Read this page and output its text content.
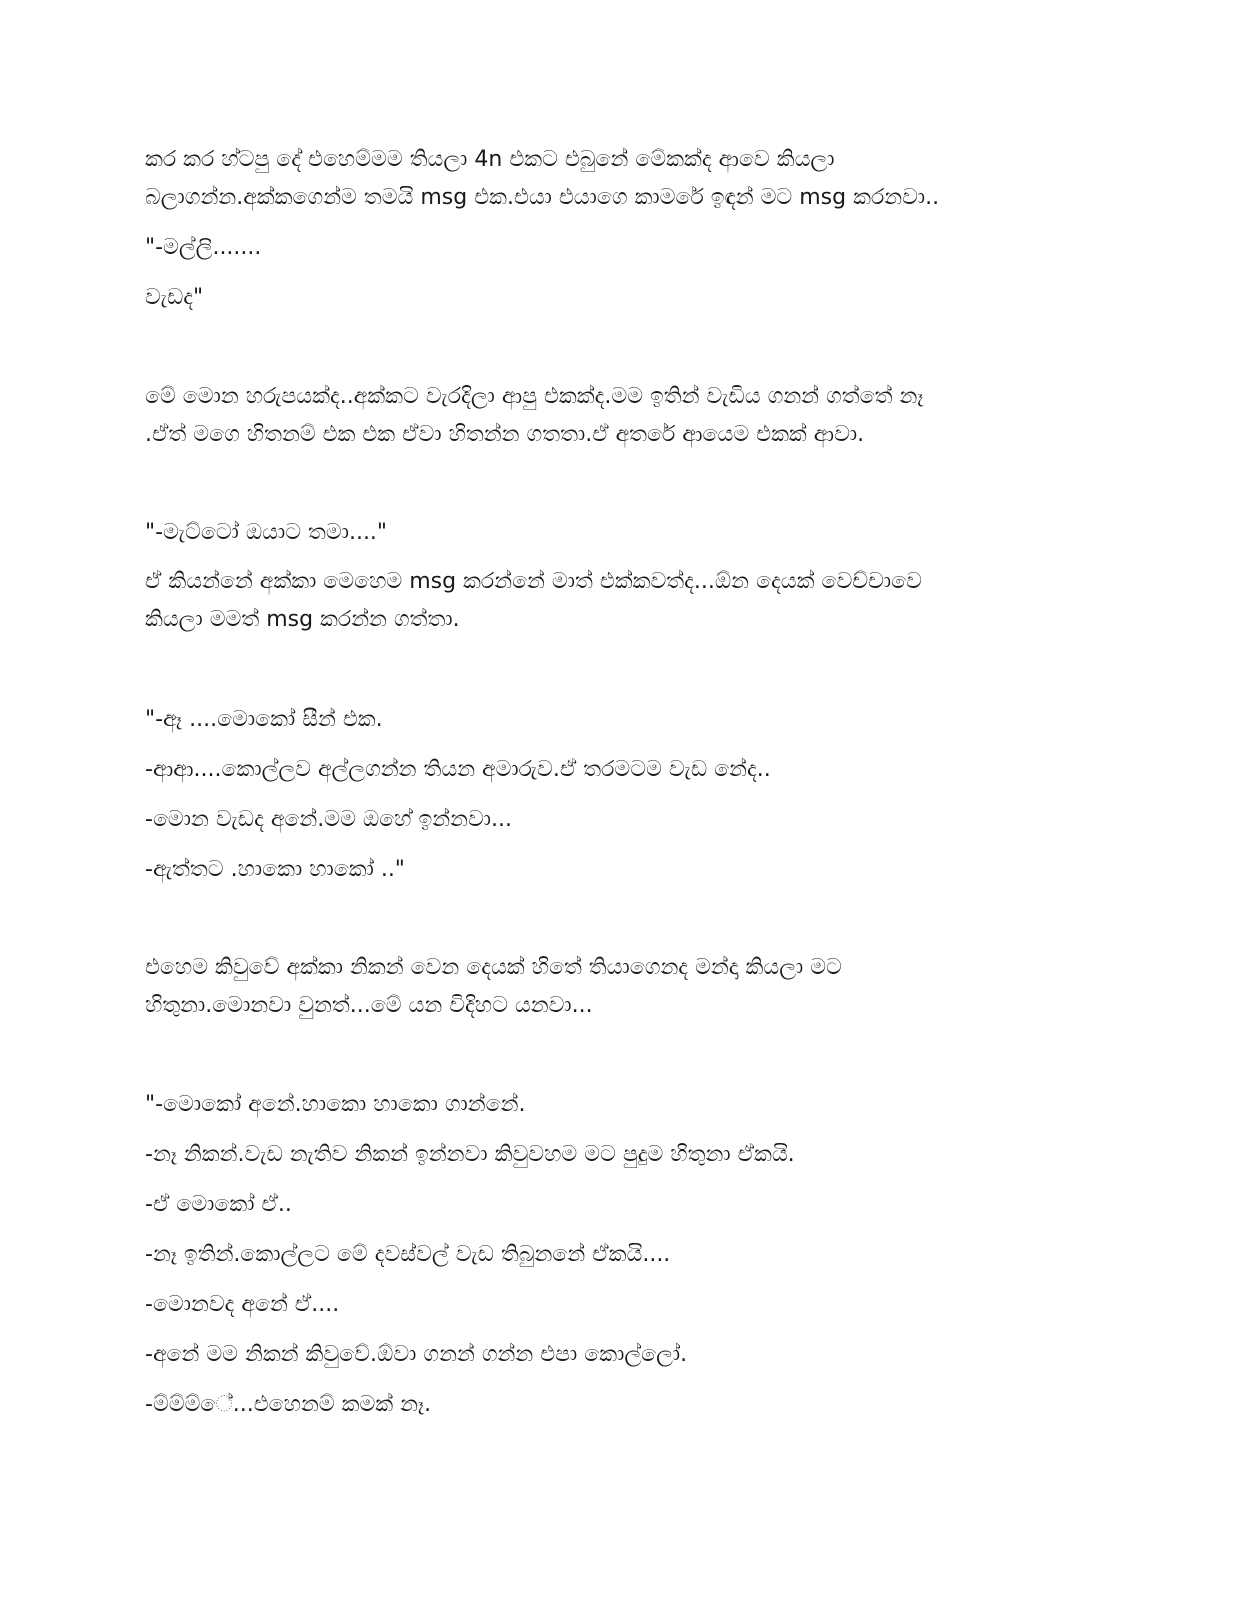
කර කර හ්ටපු දේ එහෙම්මම තියලා 4n එකට එබුනේ මේකක්ද ආවෙ කියලා

බලාගන්න.අක්කගෙන්ම තමයි msg එක.එයා එයාගෙ කාමරේ ඉඳන් මට msg කරනවා..

"-මල්ලි.......

වැඩද"

මේ මොන හරුපයක්ද..අක්කට වැරදිලා ආපු එකක්ද.මම ඉතින් වැඩිය ගනන් ගත්තේ නෑ

.ඒත් මගෙ හිතනම් එක එක ඒවා හිතන්න ගතතා.ඒ අතරේ ආයෙම එකක් ආවා.

"-මැට්ටෝ ඔයාට තමා...."

ඒ කියන්නේ අක්කා මෙහෙම msg කරන්නේ මාත් එක්කවත්ද...ඕන දෙයක් වෙච්චාවෙ

කියලා මමත් msg කරන්න ගත්තා.

"-ඈ ....මොකෝ සීන් එක.

-ආආ....කොල්ලව අල්ලගන්න තියන අමාරුව.ඒ තරමටම වැඩ නේද..

-මොන වැඩද අනේ.මම ඔහේ ඉන්නවා...

-ඇත්තට .හාකො හාකෝ .."

එහෙම කිවුවේ අක්කා නිකන් වෙන දෙයක් හිතේ තියාගෙනද මන්දා කියලා මට

හිතුනා.මොනවා වුනත්...මේ යන විදිහට යනවා...

"-මොකෝ අනේ.හාකො හාකො ගාන්නේ.

-නෑ නිකන්.වැඩ නැතිව නිකන් ඉන්නවා කිවුවහම මට පුදුම හිතුනා ඒකයි.

-ඒ මොකෝ ඒ..

-නෑ ඉතින්.කොල්ලට මේ දවස්වල් වැඩ තිබුනනේ ඒකයි....

-මොනවද අනේ ඒ....

-අනේ මම නිකන් කිවුවේ.ඕවා ගනන් ගන්න එපා කොල්ලෝ.

-ම්ම්ම්ේ...එහෙනම් කමක් නෑ.
